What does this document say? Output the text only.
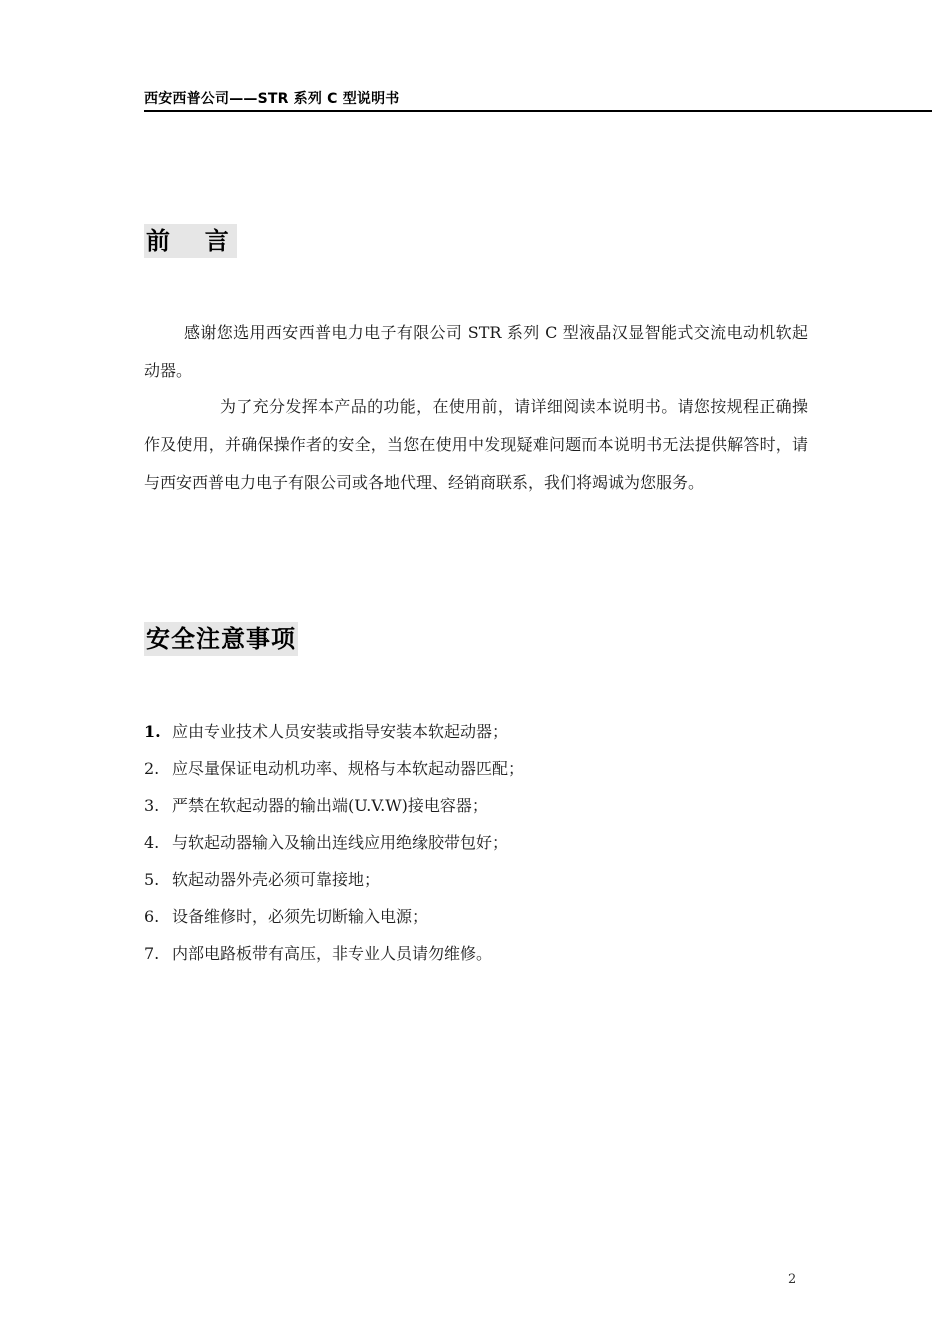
西安西普公司——STR 系列 C 型说明书
前  言
感谢您选用西安西普电力电子有限公司 STR 系列 C 型液晶汉显智能式交流电动机软起动器。
为了充分发挥本产品的功能，在使用前，请详细阅读本说明书。请您按规程正确操作及使用，并确保操作者的安全，当您在使用中发现疑难问题而本说明书无法提供解答时，请与西安西普电力电子有限公司或各地代理、经销商联系，我们将竭诚为您服务。
安全注意事项
1. 应由专业技术人员安装或指导安装本软起动器；
2. 应尽量保证电动机功率、规格与本软起动器匹配；
3. 严禁在软起动器的输出端(U.V.W)接电容器；
4. 与软起动器输入及输出连线应用绝缘胶带包好；
5. 软起动器外壳必须可靠接地；
6. 设备维修时，必须先切断输入电源；
7. 内部电路板带有高压，非专业人员请勿维修。
2
